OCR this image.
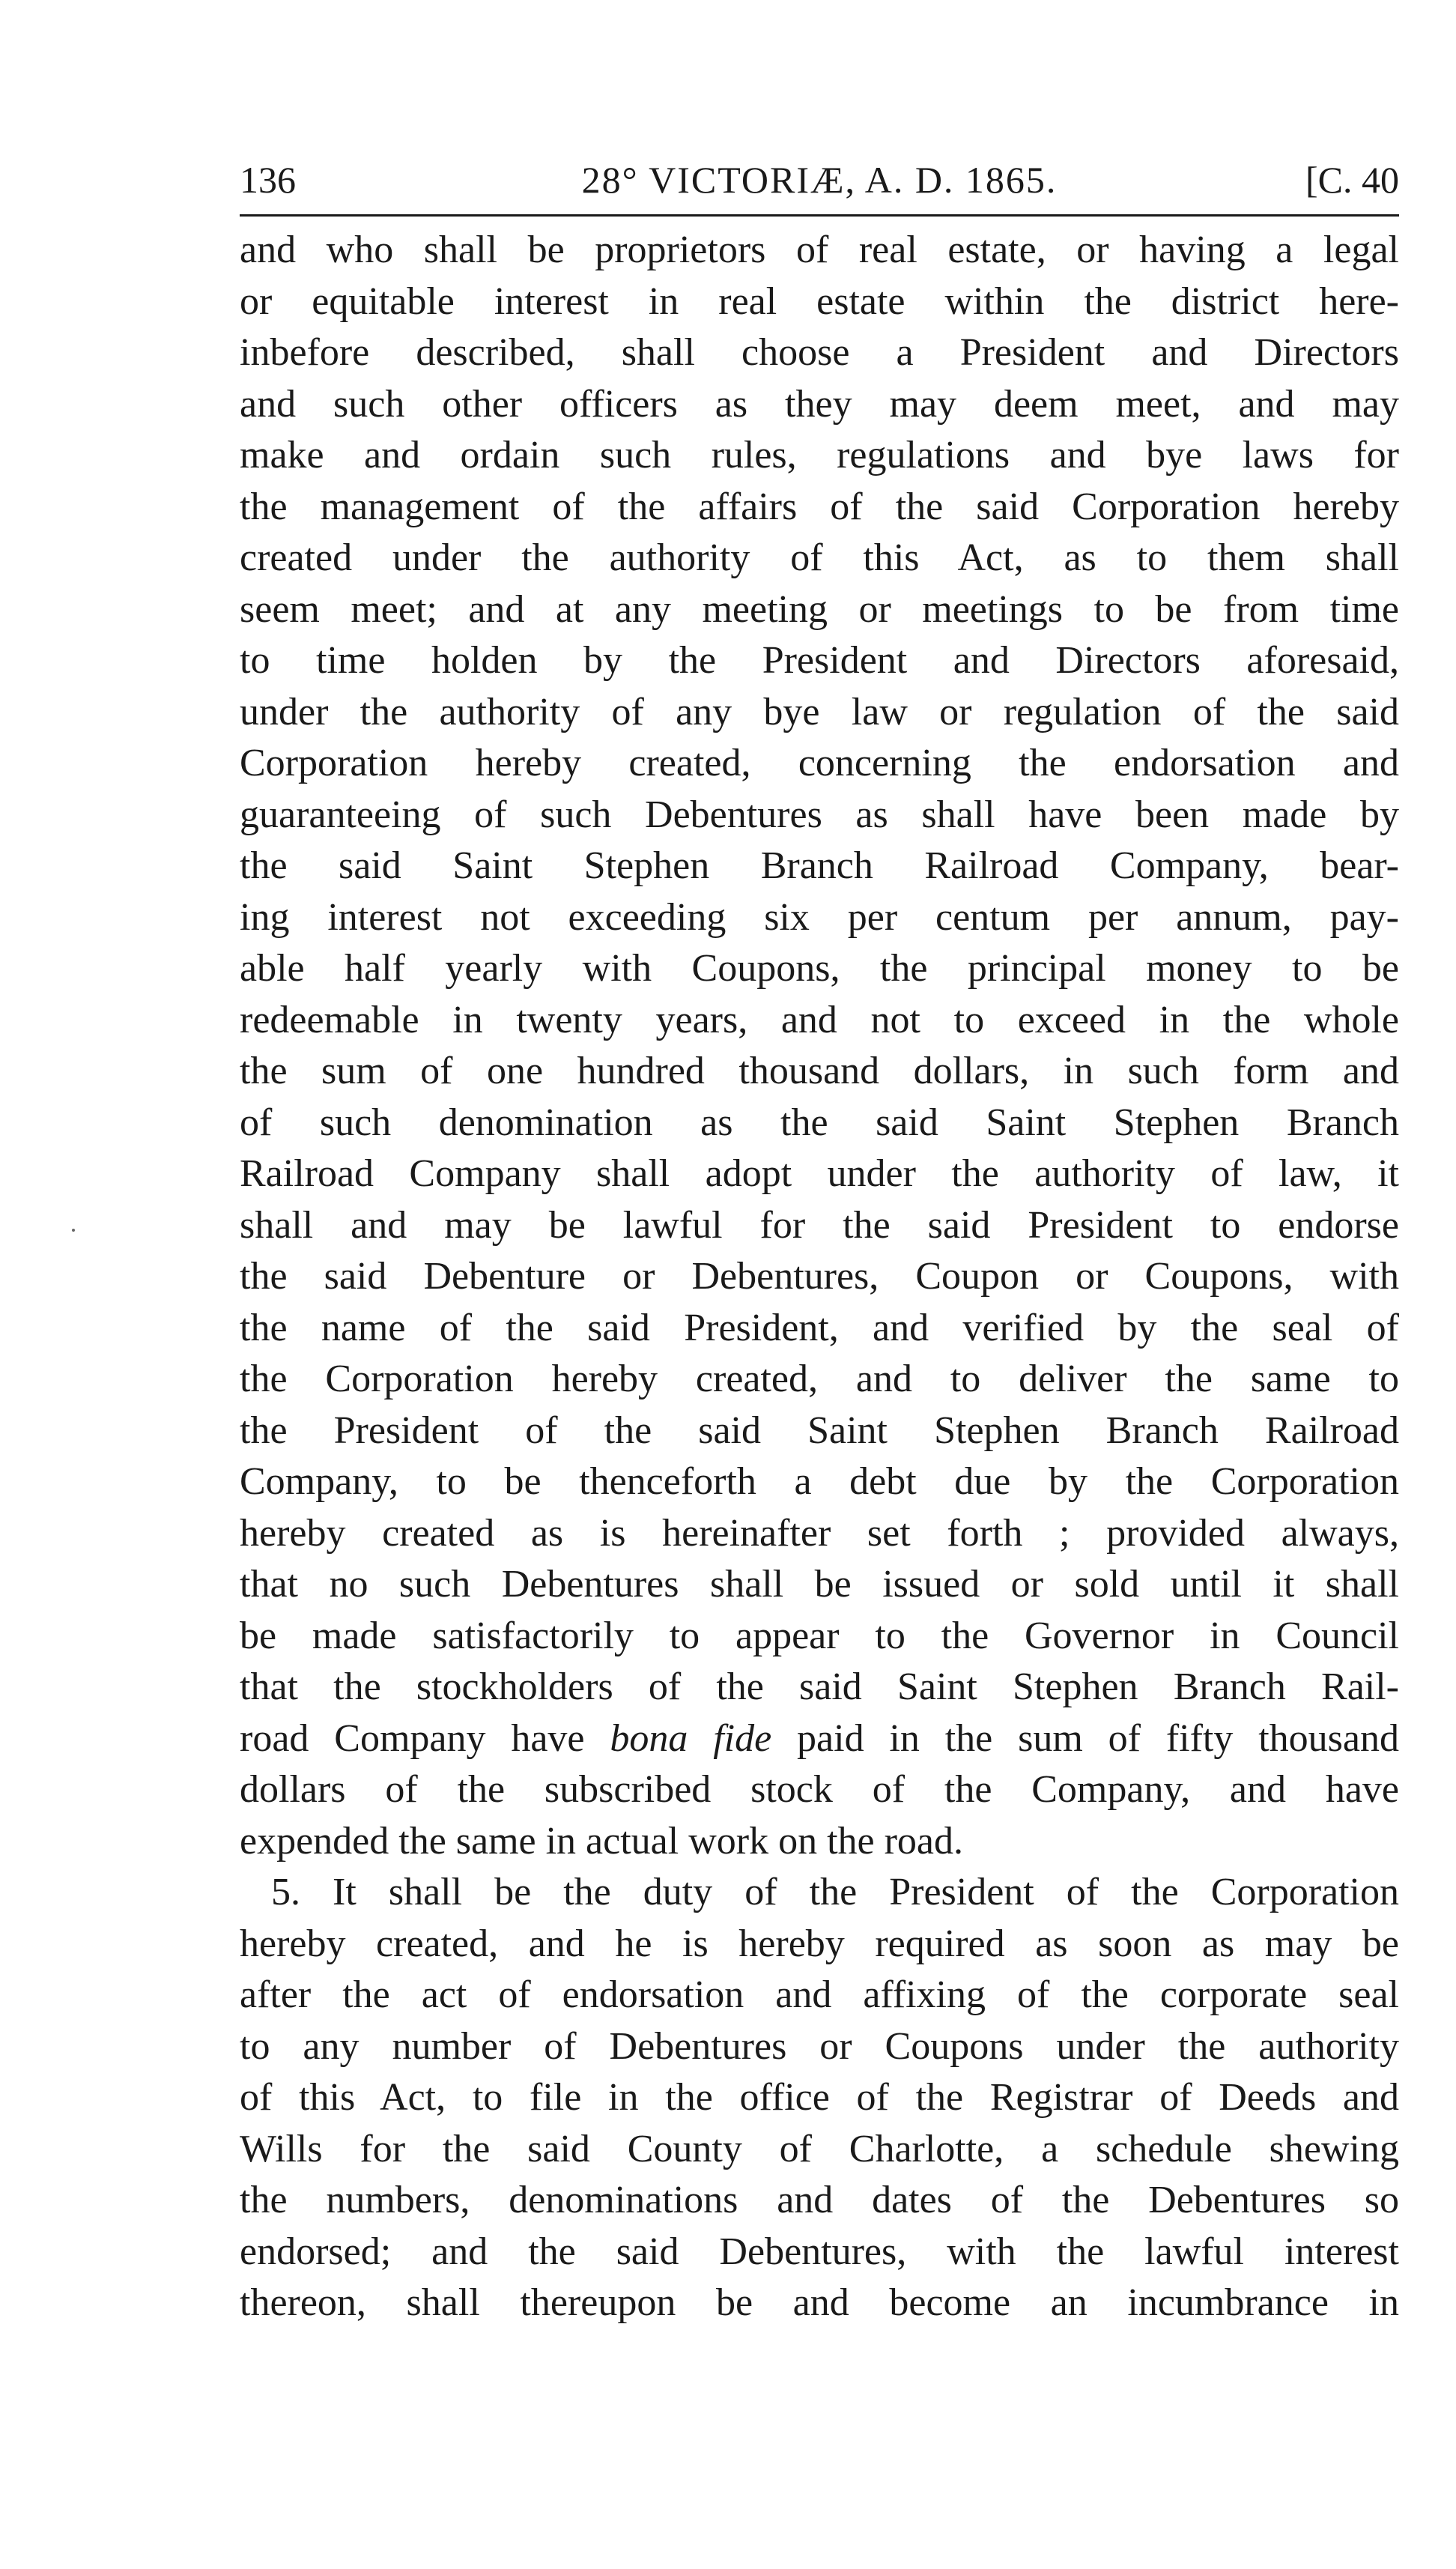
136	28° VICTORIÆ, A. D. 1865.	[C. 40
and who shall be proprietors of real estate, or having a legal
or equitable interest in real estate within the district here-
inbefore described, shall choose a President and Directors
and such other officers as they may deem meet, and may
make and ordain such rules, regulations and bye laws for
the management of the affairs of the said Corporation hereby
created under the authority of this Act, as to them shall
seem meet; and at any meeting or meetings to be from time
to time holden by the President and Directors aforesaid,
under the authority of any bye law or regulation of the said
Corporation hereby created, concerning the endorsation and
guaranteeing of such Debentures as shall have been made by
the said Saint Stephen Branch Railroad Company, bear-
ing interest not exceeding six per centum per annum, pay-
able half yearly with Coupons, the principal money to be
redeemable in twenty years, and not to exceed in the whole
the sum of one hundred thousand dollars, in such form and
of such denomination as the said Saint Stephen Branch
Railroad Company shall adopt under the authority of law, it
shall and may be lawful for the said President to endorse
the said Debenture or Debentures, Coupon or Coupons, with
the name of the said President, and verified by the seal of
the Corporation hereby created, and to deliver the same to
the President of the said Saint Stephen Branch Railroad
Company, to be thenceforth a debt due by the Corporation
hereby created as is hereinafter set forth ; provided always,
that no such Debentures shall be issued or sold until it shall
be made satisfactorily to appear to the Governor in Council
that the stockholders of the said Saint Stephen Branch Rail-
road Company have bona fide paid in the sum of fifty thousand
dollars of the subscribed stock of the Company, and have
expended the same in actual work on the road.
5. It shall be the duty of the President of the Corporation
hereby created, and he is hereby required as soon as may be
after the act of endorsation and affixing of the corporate seal
to any number of Debentures or Coupons under the authority
of this Act, to file in the office of the Registrar of Deeds and
Wills for the said County of Charlotte, a schedule shewing
the numbers, denominations and dates of the Debentures so
endorsed; and the said Debentures, with the lawful interest
thereon, shall thereupon be and become an incumbrance in
